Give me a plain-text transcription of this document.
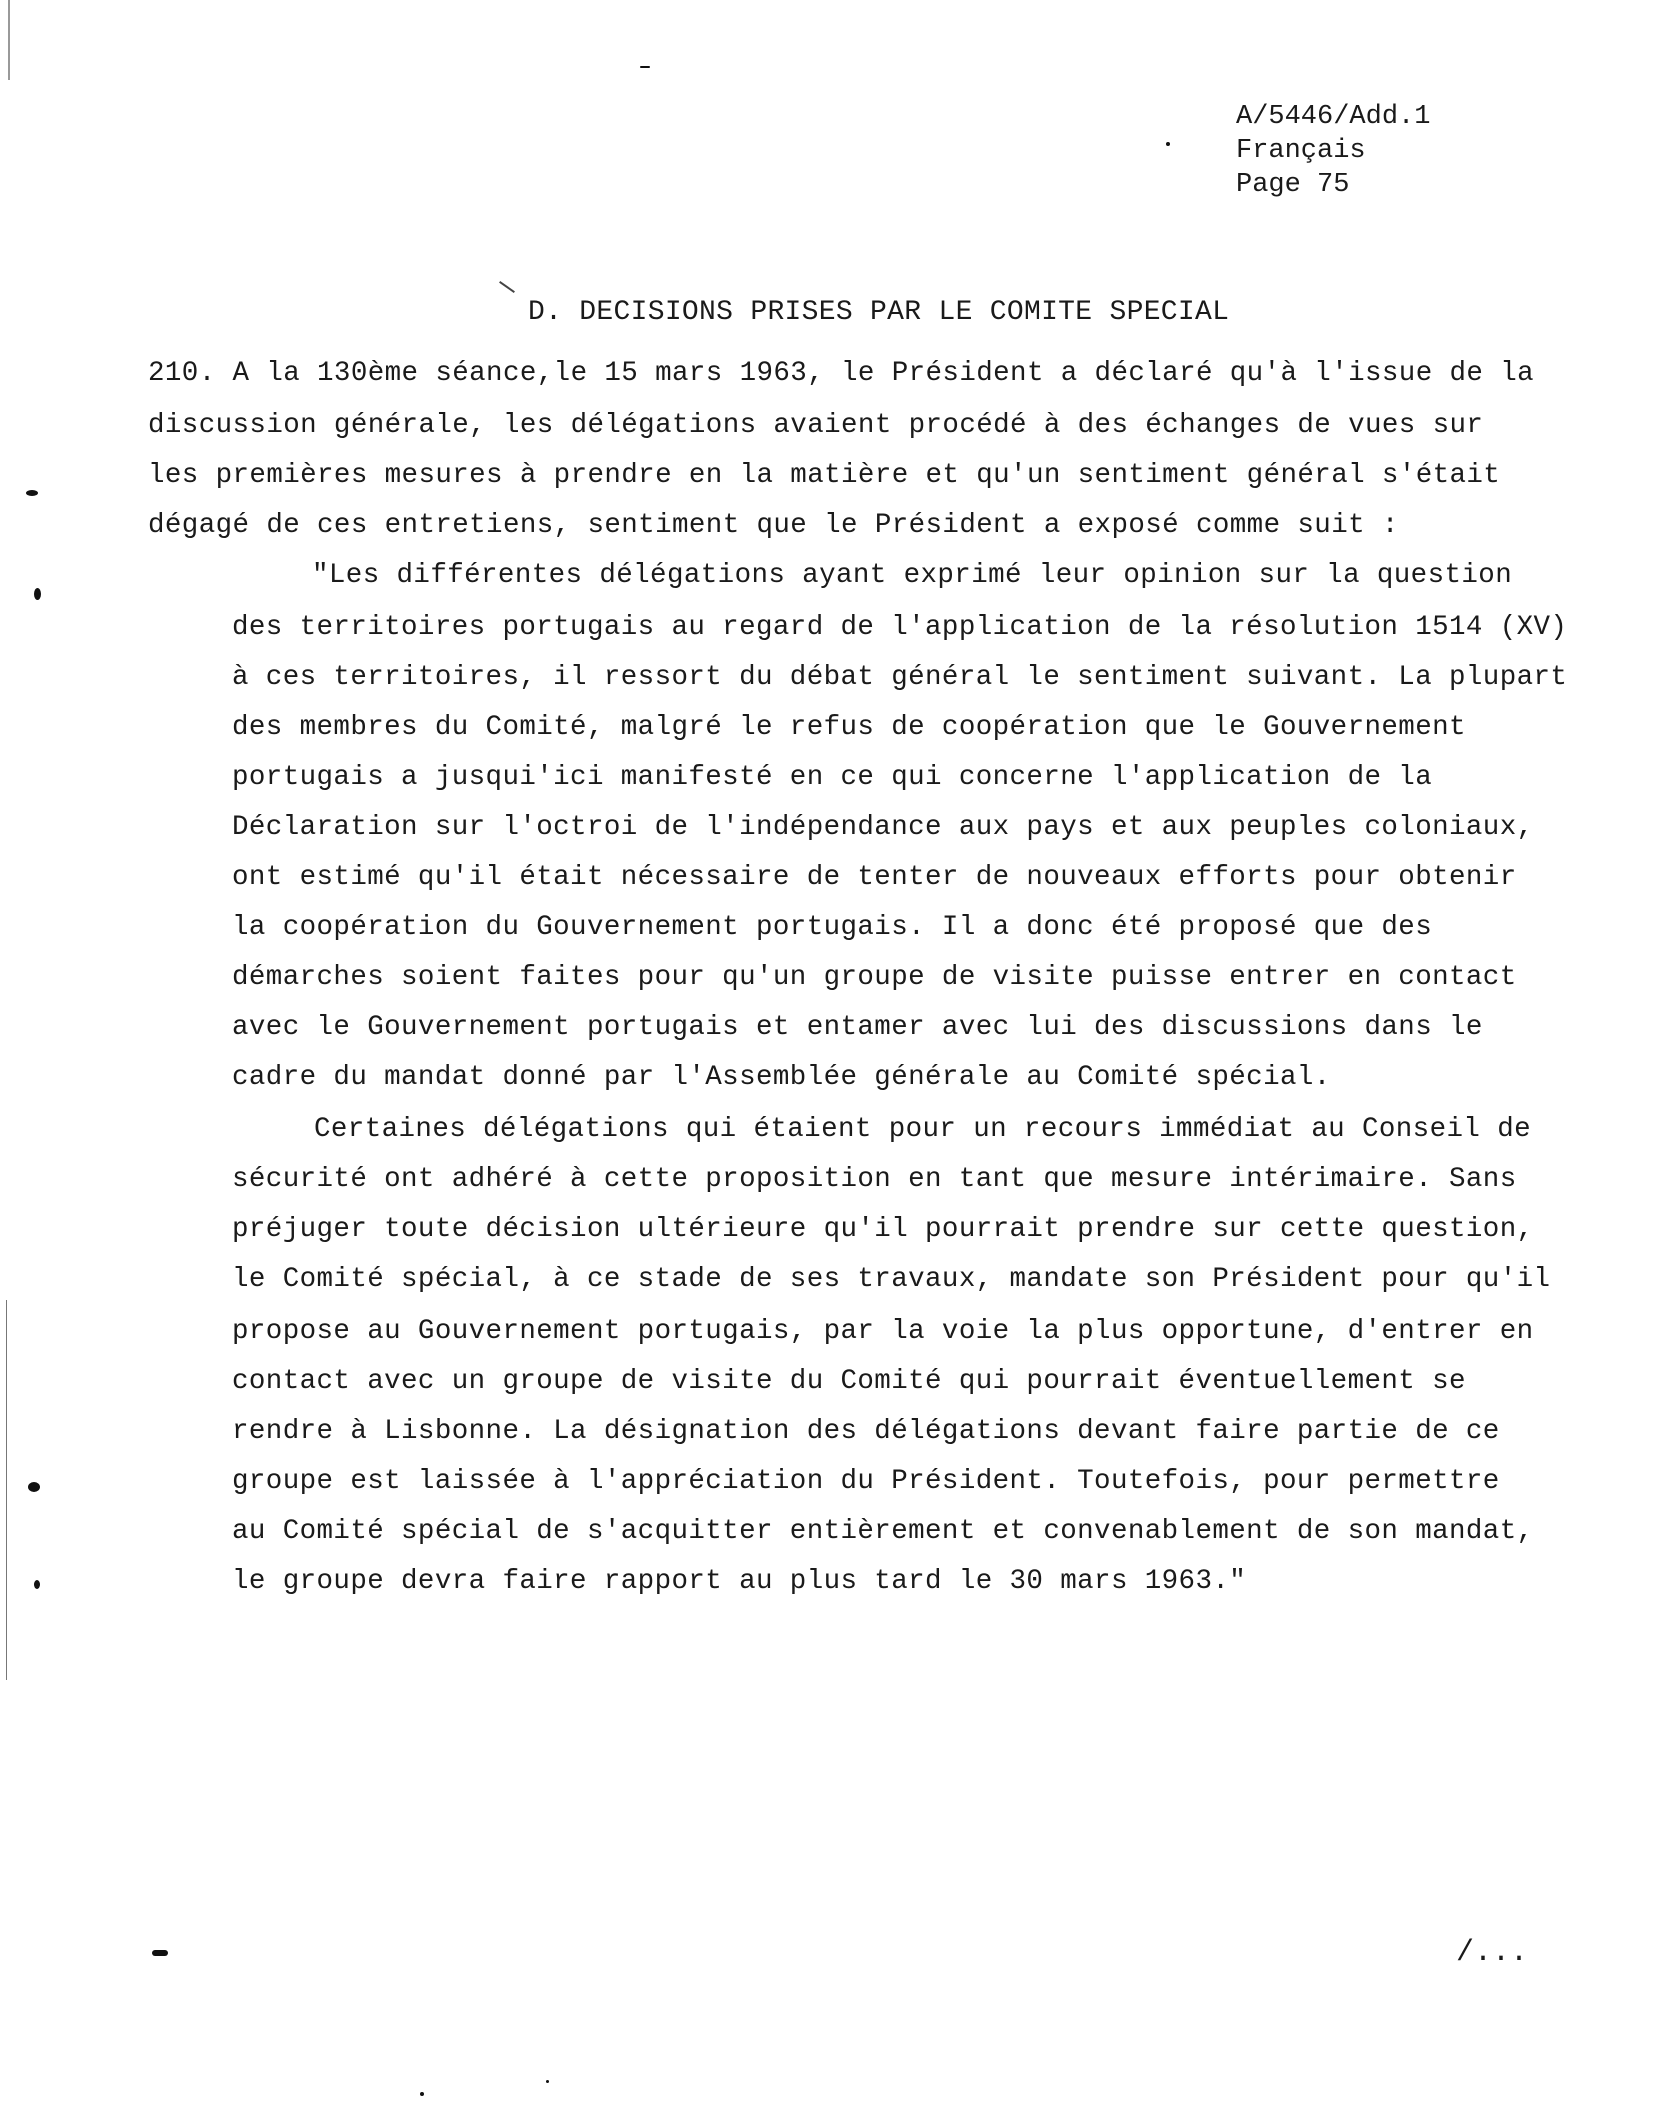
A/5446/Add.1
Français
Page 75
D. DECISIONS PRISES PAR LE COMITE SPECIAL
210. A la 130ème séance,le 15 mars 1963, le Président a déclaré qu'à l'issue de la
discussion générale, les délégations avaient procédé à des échanges de vues sur
les premières mesures à prendre en la matière et qu'un sentiment général s'était
dégagé de ces entretiens, sentiment que le Président a exposé comme suit :
"Les différentes délégations ayant exprimé leur opinion sur la question
des territoires portugais au regard de l'application de la résolution 1514 (XV)
à ces territoires, il ressort du débat général le sentiment suivant. La plupart
des membres du Comité, malgré le refus de coopération que le Gouvernement
portugais a jusqui'ici manifesté en ce qui concerne l'application de la
Déclaration sur l'octroi de l'indépendance aux pays et aux peuples coloniaux,
ont estimé qu'il était nécessaire de tenter de nouveaux efforts pour obtenir
la coopération du Gouvernement portugais. Il a donc été proposé que des
démarches soient faites pour qu'un groupe de visite puisse entrer en contact
avec le Gouvernement portugais et entamer avec lui des discussions dans le
cadre du mandat donné par l'Assemblée générale au Comité spécial.
Certaines délégations qui étaient pour un recours immédiat au Conseil de
sécurité ont adhéré à cette proposition en tant que mesure intérimaire. Sans
préjuger toute décision ultérieure qu'il pourrait prendre sur cette question,
le Comité spécial, à ce stade de ses travaux, mandate son Président pour qu'il
propose au Gouvernement portugais, par la voie la plus opportune, d'entrer en
contact avec un groupe de visite du Comité qui pourrait éventuellement se
rendre à Lisbonne. La désignation des délégations devant faire partie de ce
groupe est laissée à l'appréciation du Président. Toutefois, pour permettre
au Comité spécial de s'acquitter entièrement et convenablement de son mandat,
le groupe devra faire rapport au plus tard le 30 mars 1963."
/...
